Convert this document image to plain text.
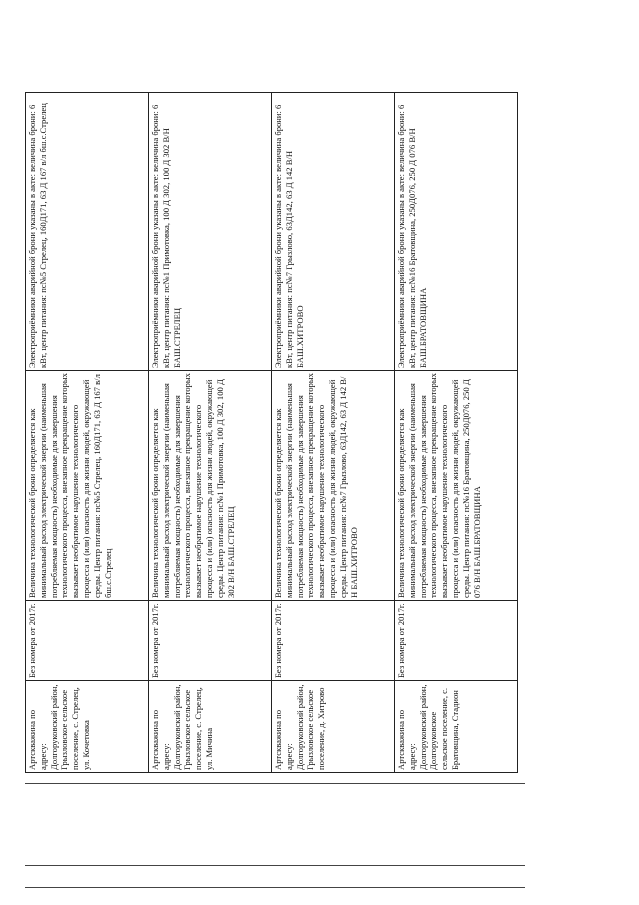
Артскважина по адресу: Долгоруковский район, Грызловское сельское поселение, с. Стрелец, ул. Кочетовка	Без номера от 2017г.	Величина технологической брони определяется как минимальный расход электрической энергии (наименьшая потребляемая мощность) необходимые для завершения технологического процесса, внезапное прекращение которых вызывает необратимое нарушение технологического процесса и (или) опасность для жизни людей, окружающей среды. Центр питания: пс№5 Стрелец, 160Д171, 63 Д 167 в/л бш.с.Стрелец	Электроприёмники аварийной брони указаны в акте: величина брони: 6 кВт, центр питания: пс№5 Стрелец, 160Д171, 63 Д 167 в/л бш.с.Стрелец
Артскважина по адресу: Долгоруковский район, Грызловское сельское поселение, с. Стрелец, ул. Мичина	Без номера от 2017г.	Величина технологической брони определяется как минимальный расход электрической энергии (наименьшая потребляемая мощность) необходимые для завершения технологического процесса, внезапное прекращение которых вызывает необратимое нарушение технологического процесса и (или) опасность для жизни людей, окружающей среды. Центр питания: пс№1 Примотовка, 100 Д 302, 100 Д 302 В/Н БАШ.СТРЕЛЕЦ	Электроприёмники аварийной брони указаны в акте: величина брони: 6 кВт, центр питания: пс№1 Примотовка, 100 Д 302, 100 Д 302 В/Н БАШ.СТРЕЛЕЦ
Артскважина по адресу: Долгоруковский район, Грызловское сельское поселение, д. Хитрово	Без номера от 2017г.	Величина технологической брони определяется как минимальный расход электрической энергии (наименьшая потребляемая мощность) необходимые для завершения технологического процесса, внезапное прекращение которых вызывает необратимое нарушение технологического процесса и (или) опасность для жизни людей, окружающей среды. Центр питания: пс№7 Грызлово, 63Д142, 63 Д 142 В/Н БАШ.ХИТРОВО	Электроприёмники аварийной брони указаны в акте: величина брони: 6 кВт, центр питания: пс№7 Грызлово, 63Д142, 63 Д 142 В/Н БАШ.ХИТРОВО
Артскважина по адресу: Долгоруковский район, Долгоруковское сельское поселение, с. Братовщина, Стадион	Без номера от 2017г.	Величина технологической брони определяется как минимальный расход электрической энергии (наименьшая потребляемая мощность) необходимые для завершения технологического процесса, внезапное прекращение которых вызывает необратимое нарушение технологического процесса и (или) опасность для жизни людей, окружающей среды. Центр питания: пс№16 Братовщина, 250Д076, 250 Д 076 В/Н БАШ.БРАТОВЩИНА	Электроприёмники аварийной брони указаны в акте: величина брони: 6 кВт, центр питания: пс№16 Братовщина, 250Д076, 250 Д 076 В/Н БАШ.БРАТОВЩИНА
